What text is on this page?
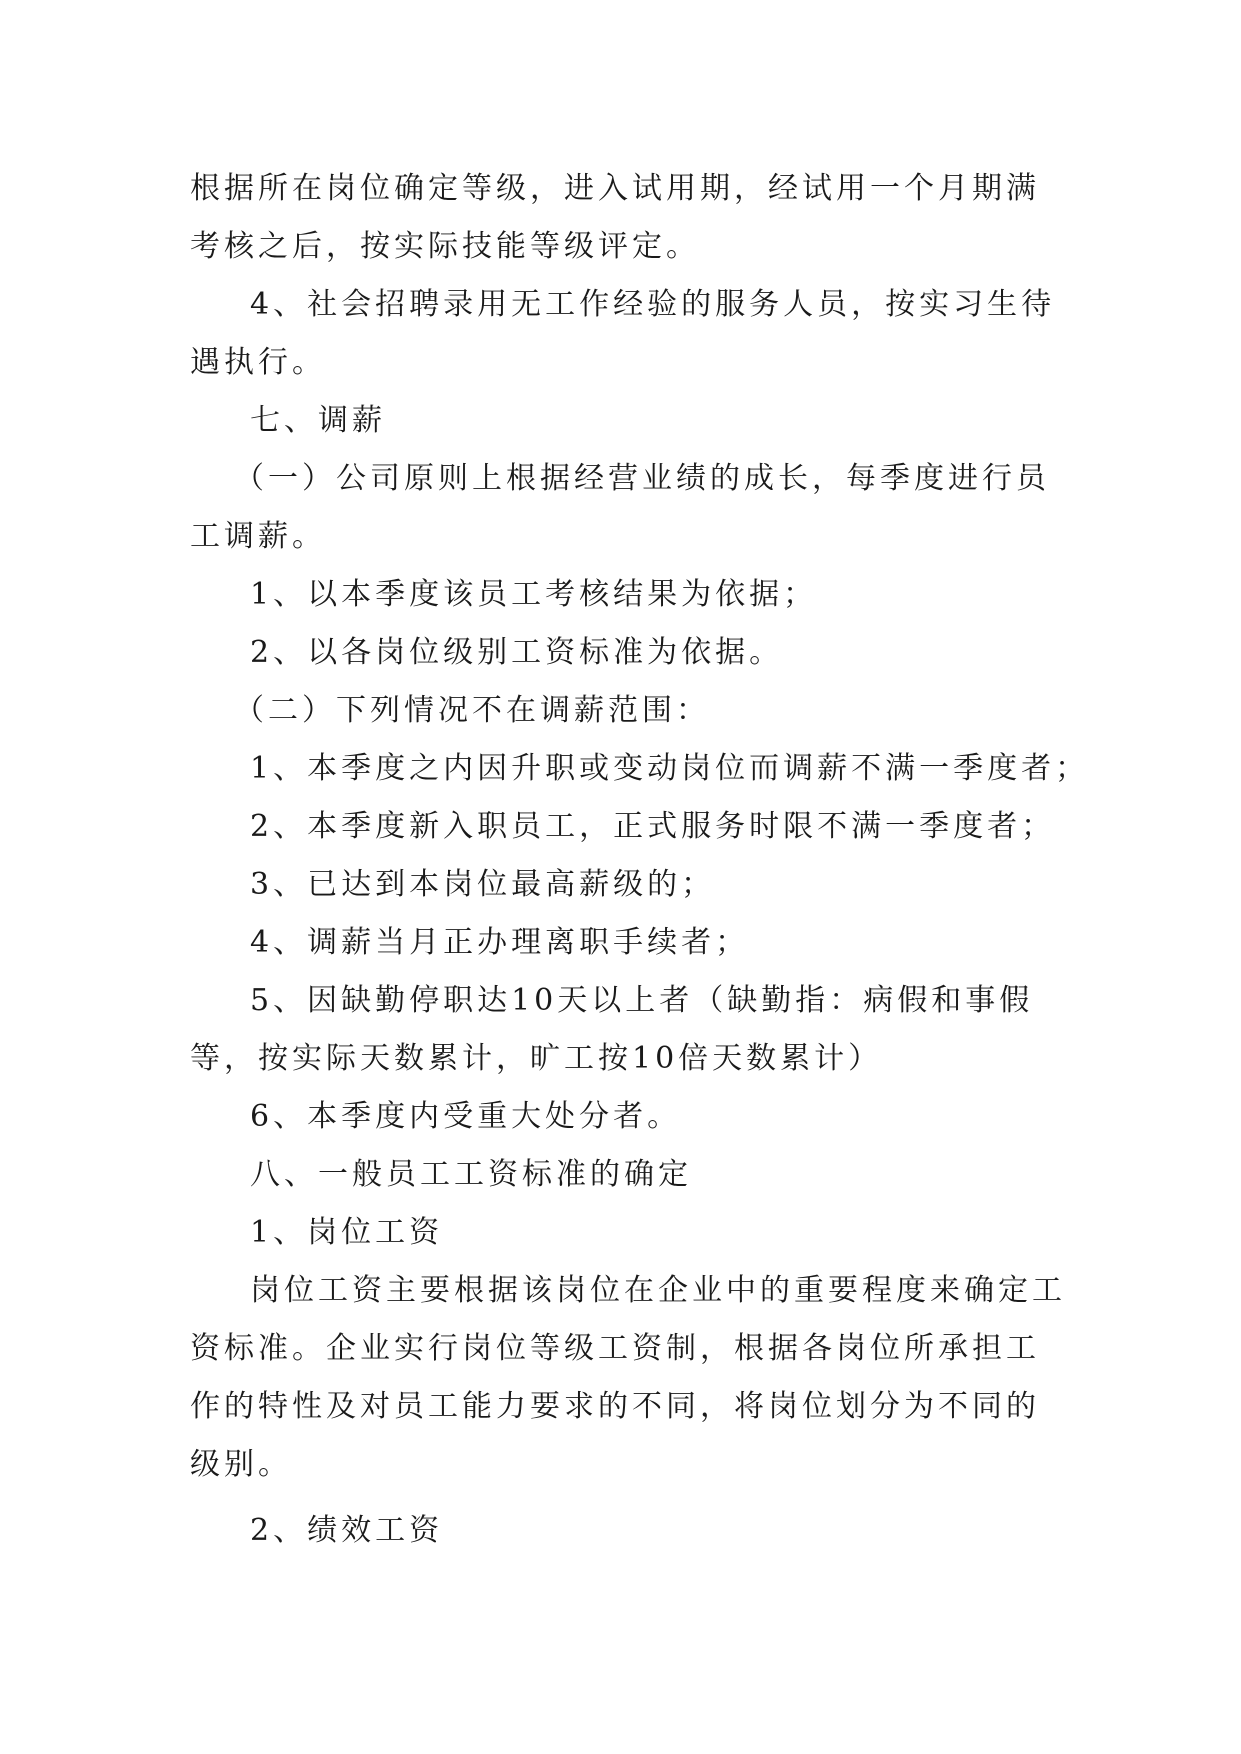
根据所在岗位确定等级，进入试用期，经试用一个月期满考核之后，按实际技能等级评定。

4、社会招聘录用无工作经验的服务人员，按实习生待遇执行。

七、调薪

（一）公司原则上根据经营业绩的成长，每季度进行员工调薪。

1、以本季度该员工考核结果为依据；

2、以各岗位级别工资标准为依据。

（二）下列情况不在调薪范围：

1、本季度之内因升职或变动岗位而调薪不满一季度者；

2、本季度新入职员工，正式服务时限不满一季度者；

3、已达到本岗位最高薪级的；

4、调薪当月正办理离职手续者；

5、因缺勤停职达10天以上者（缺勤指：病假和事假等，按实际天数累计，旷工按10倍天数累计）

6、本季度内受重大处分者。

八、一般员工工资标准的确定

1、岗位工资

岗位工资主要根据该岗位在企业中的重要程度来确定工资标准。企业实行岗位等级工资制，根据各岗位所承担工作的特性及对员工能力要求的不同，将岗位划分为不同的级别。

2、绩效工资
